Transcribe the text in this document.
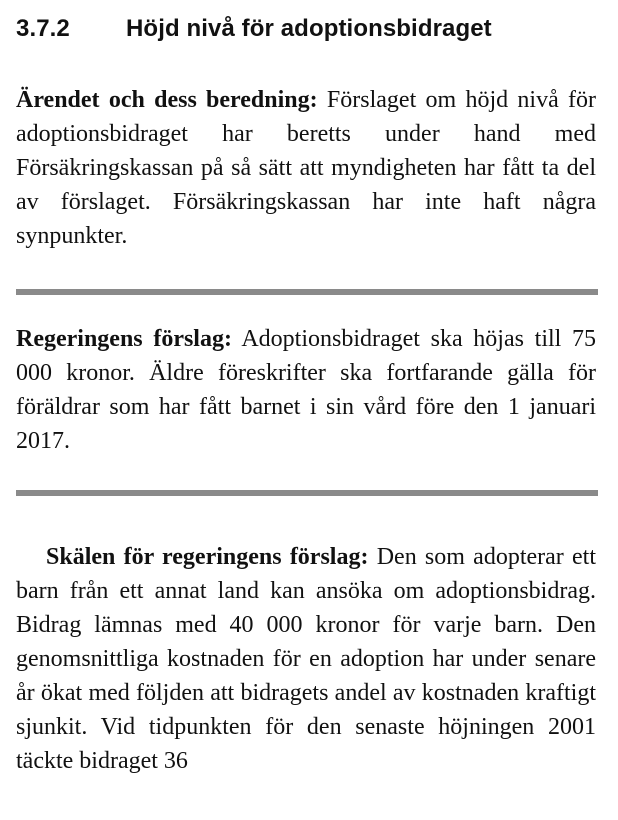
3.7.2	Höjd nivå för adoptionsbidraget

Ärendet och dess beredning: Förslaget om höjd nivå för adoptionsbidraget har beretts under hand med Försäkringskassan på så sätt att myndigheten har fått ta del av förslaget. Försäkringskassan har inte haft några synpunkter.

Regeringens förslag: Adoptionsbidraget ska höjas till 75 000 kronor. Äldre föreskrifter ska fortfarande gälla för föräldrar som har fått barnet i sin vård före den 1 januari 2017.

Skälen för regeringens förslag: Den som adopterar ett barn från ett annat land kan ansöka om adoptionsbidrag. Bidrag lämnas med 40 000 kronor för varje barn. Den genomsnittliga kostnaden för en adoption har under senare år ökat med följden att bidragets andel av kostnaden kraftigt sjunkit. Vid tidpunkten för den senaste höjningen 2001 täckte bidraget 36
